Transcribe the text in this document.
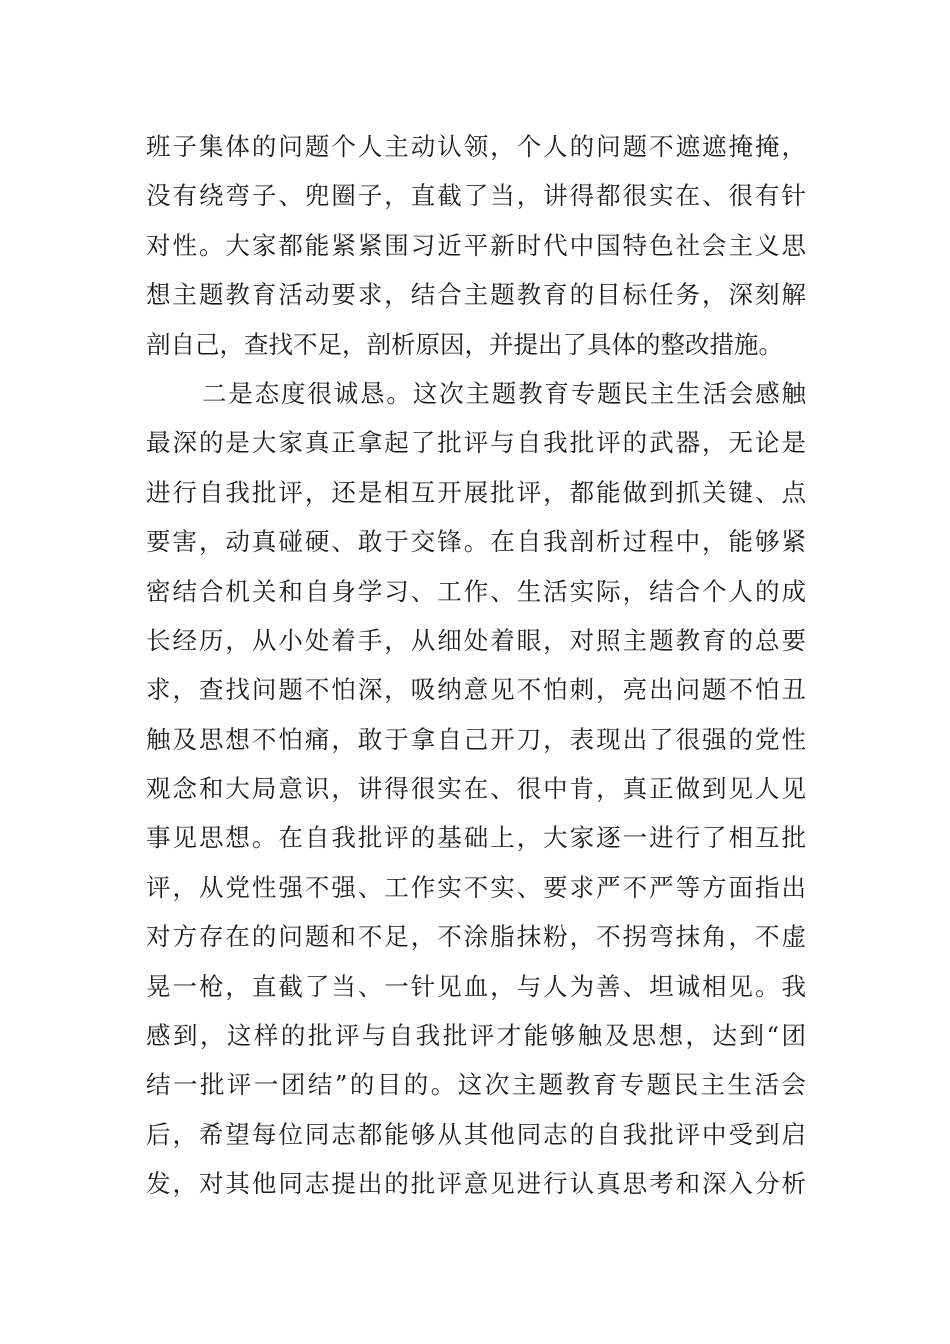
班子集体的问题个人主动认领，个人的问题不遮遮掩掩，
没有绕弯子、兜圈子，直截了当，讲得都很实在、很有针
对性。大家都能紧紧围习近平新时代中国特色社会主义思
想主题教育活动要求，结合主题教育的目标任务，深刻解
剖自己，查找不足，剖析原因，并提出了具体的整改措施。
二是态度很诚恳。这次主题教育专题民主生活会感触
最深的是大家真正拿起了批评与自我批评的武器，无论是
进行自我批评，还是相互开展批评，都能做到抓关键、点
要害，动真碰硬、敢于交锋。在自我剖析过程中，能够紧
密结合机关和自身学习、工作、生活实际，结合个人的成
长经历，从小处着手，从细处着眼，对照主题教育的总要
求，查找问题不怕深，吸纳意见不怕刺，亮出问题不怕丑
触及思想不怕痛，敢于拿自己开刀，表现出了很强的党性
观念和大局意识，讲得很实在、很中肯，真正做到见人见
事见思想。在自我批评的基础上，大家逐一进行了相互批
评，从党性强不强、工作实不实、要求严不严等方面指出
对方存在的问题和不足，不涂脂抹粉，不拐弯抹角，不虚
晃一枪，直截了当、一针见血，与人为善、坦诚相见。我
感到，这样的批评与自我批评才能够触及思想，达到“团
结一批评一团结”的目的。这次主题教育专题民主生活会
后，希望每位同志都能够从其他同志的自我批评中受到启
发，对其他同志提出的批评意见进行认真思考和深入分析
